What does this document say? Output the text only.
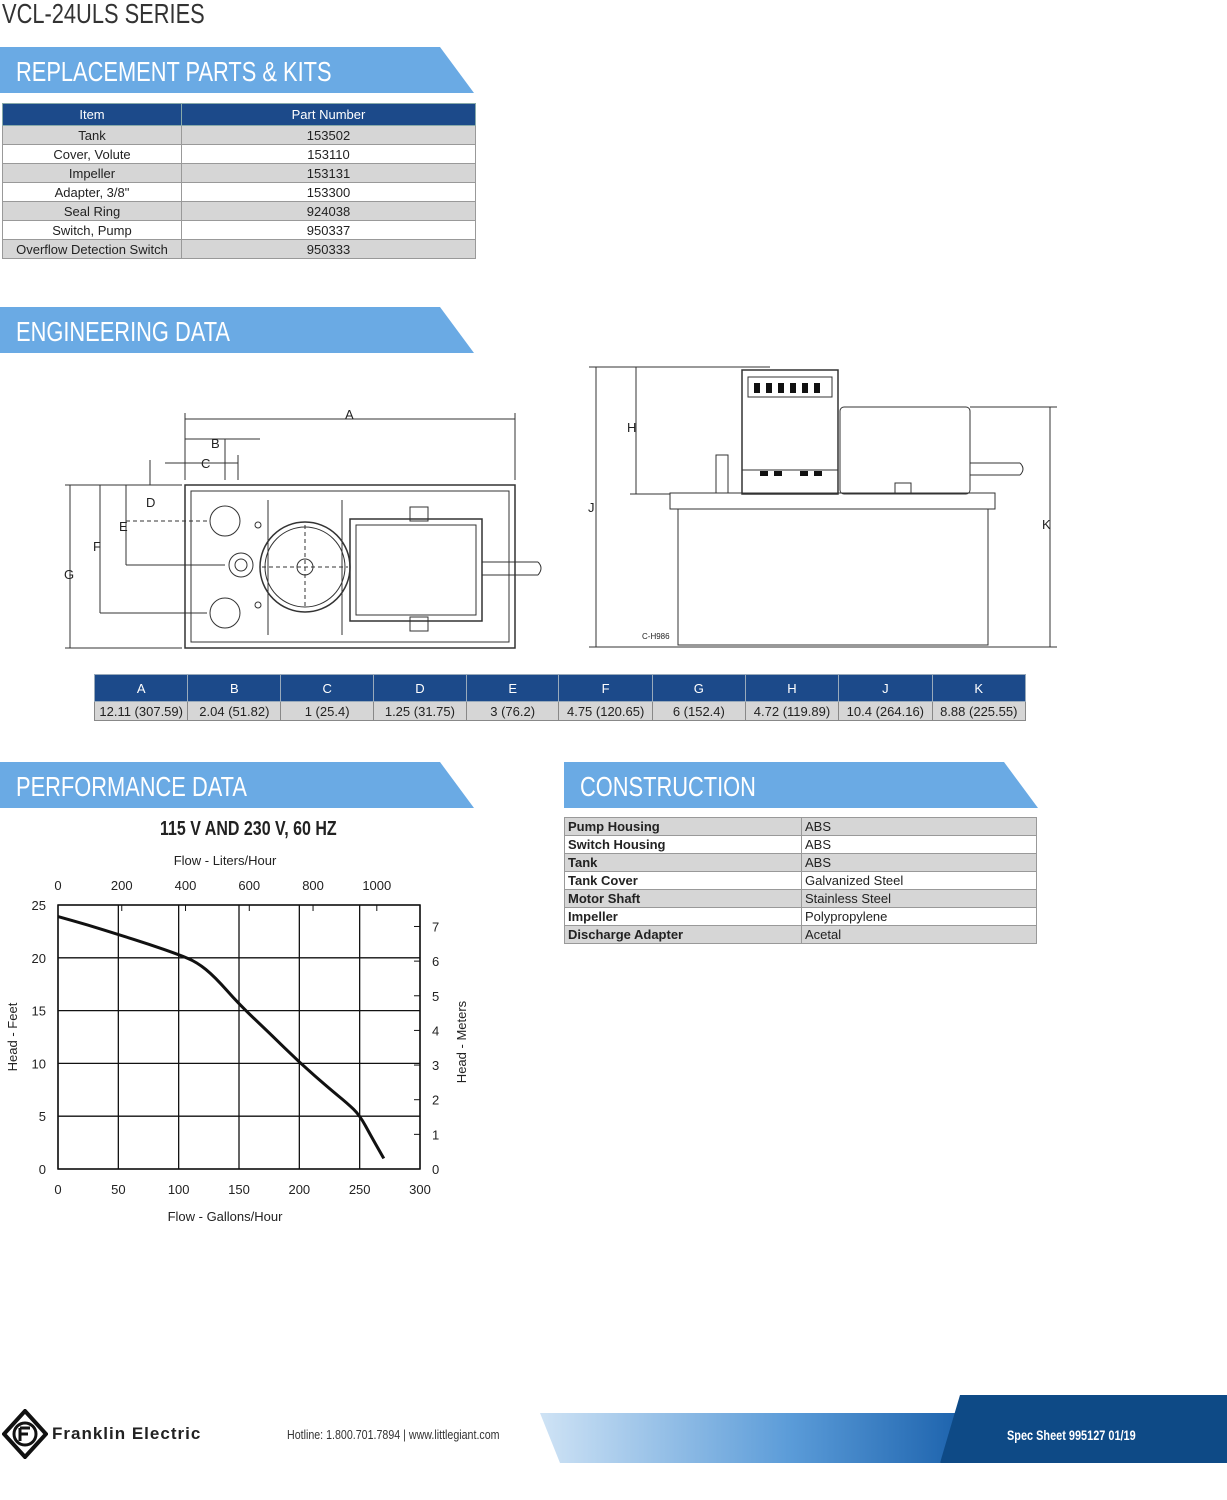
VCL-24ULS SERIES
REPLACEMENT PARTS & KITS
Item	Part Number
Tank	153502
Cover, Volute	153110
Impeller	153131
Adapter, 3/8"	153300
Seal Ring	924038
Switch, Pump	950337
Overflow Detection Switch	950333
ENGINEERING DATA
A
B
C
D
E
F
G
H
J
K
C-H986
A	B	C	D	E	F	G	H	J	K
12.11 (307.59)	2.04 (51.82)	1 (25.4)	1.25 (31.75)	3 (76.2)	4.75 (120.65)	6 (152.4)	4.72 (119.89)	10.4 (264.16)	8.88 (225.55)
PERFORMANCE DATA	CONSTRUCTION
115 V AND 230 V, 60 HZ
0	50	100	150	200	250	300
0
5
10
15
20
25
0	200	400	600	800	1000
0
1
2
3
4
5
6
7
Flow - Liters/Hour
Flow - Gallons/Hour
Head - Feet	Head - Meters
Pump Housing	ABS
Switch Housing	ABS
Tank	ABS
Tank Cover	Galvanized Steel
Motor Shaft	Stainless Steel
Impeller	Polypropylene
Discharge Adapter	Acetal
Franklin Electric	Hotline: 1.800.701.7894 | www.littlegiant.com	Spec Sheet 995127 01/19
